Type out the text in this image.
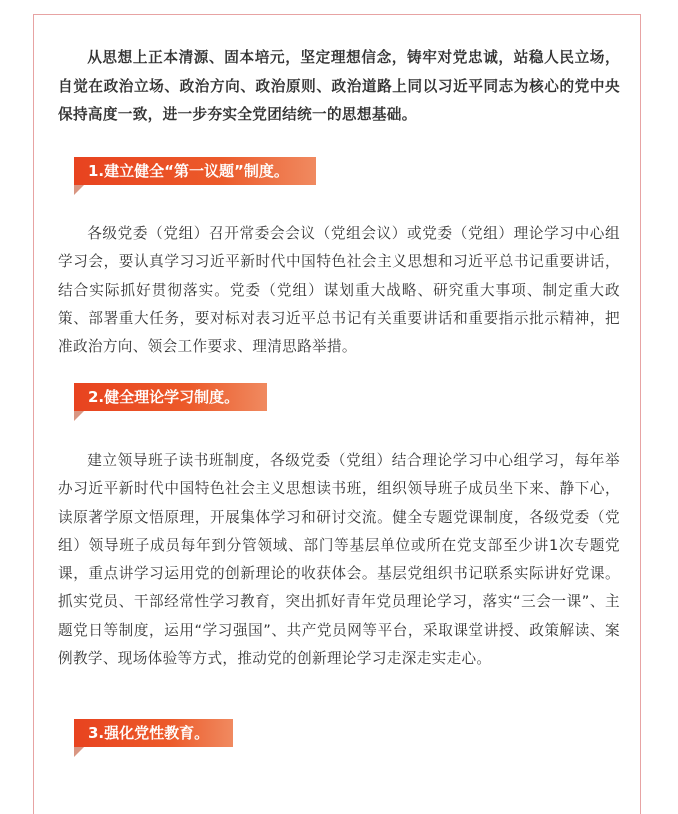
从思想上正本清源、固本培元，坚定理想信念，铸牢对党忠诚，站稳人民立场，自觉在政治立场、政治方向、政治原则、政治道路上同以习近平同志为核心的党中央保持高度一致，进一步夯实全党团结统一的思想基础。

1.建立健全“第一议题”制度。

各级党委（党组）召开常委会会议（党组会议）或党委（党组）理论学习中心组学习会，要认真学习习近平新时代中国特色社会主义思想和习近平总书记重要讲话，结合实际抓好贯彻落实。党委（党组）谋划重大战略、研究重大事项、制定重大政策、部署重大任务，要对标对表习近平总书记有关重要讲话和重要指示批示精神，把准政治方向、领会工作要求、理清思路举措。

2.健全理论学习制度。

建立领导班子读书班制度，各级党委（党组）结合理论学习中心组学习，每年举办习近平新时代中国特色社会主义思想读书班，组织领导班子成员坐下来、静下心，读原著学原文悟原理，开展集体学习和研讨交流。健全专题党课制度，各级党委（党组）领导班子成员每年到分管领域、部门等基层单位或所在党支部至少讲1次专题党课，重点讲学习运用党的创新理论的收获体会。基层党组织书记联系实际讲好党课。抓实党员、干部经常性学习教育，突出抓好青年党员理论学习，落实“三会一课”、主题党日等制度，运用“学习强国”、共产党员网等平台，采取课堂讲授、政策解读、案例教学、现场体验等方式，推动党的创新理论学习走深走实走心。

3.强化党性教育。
